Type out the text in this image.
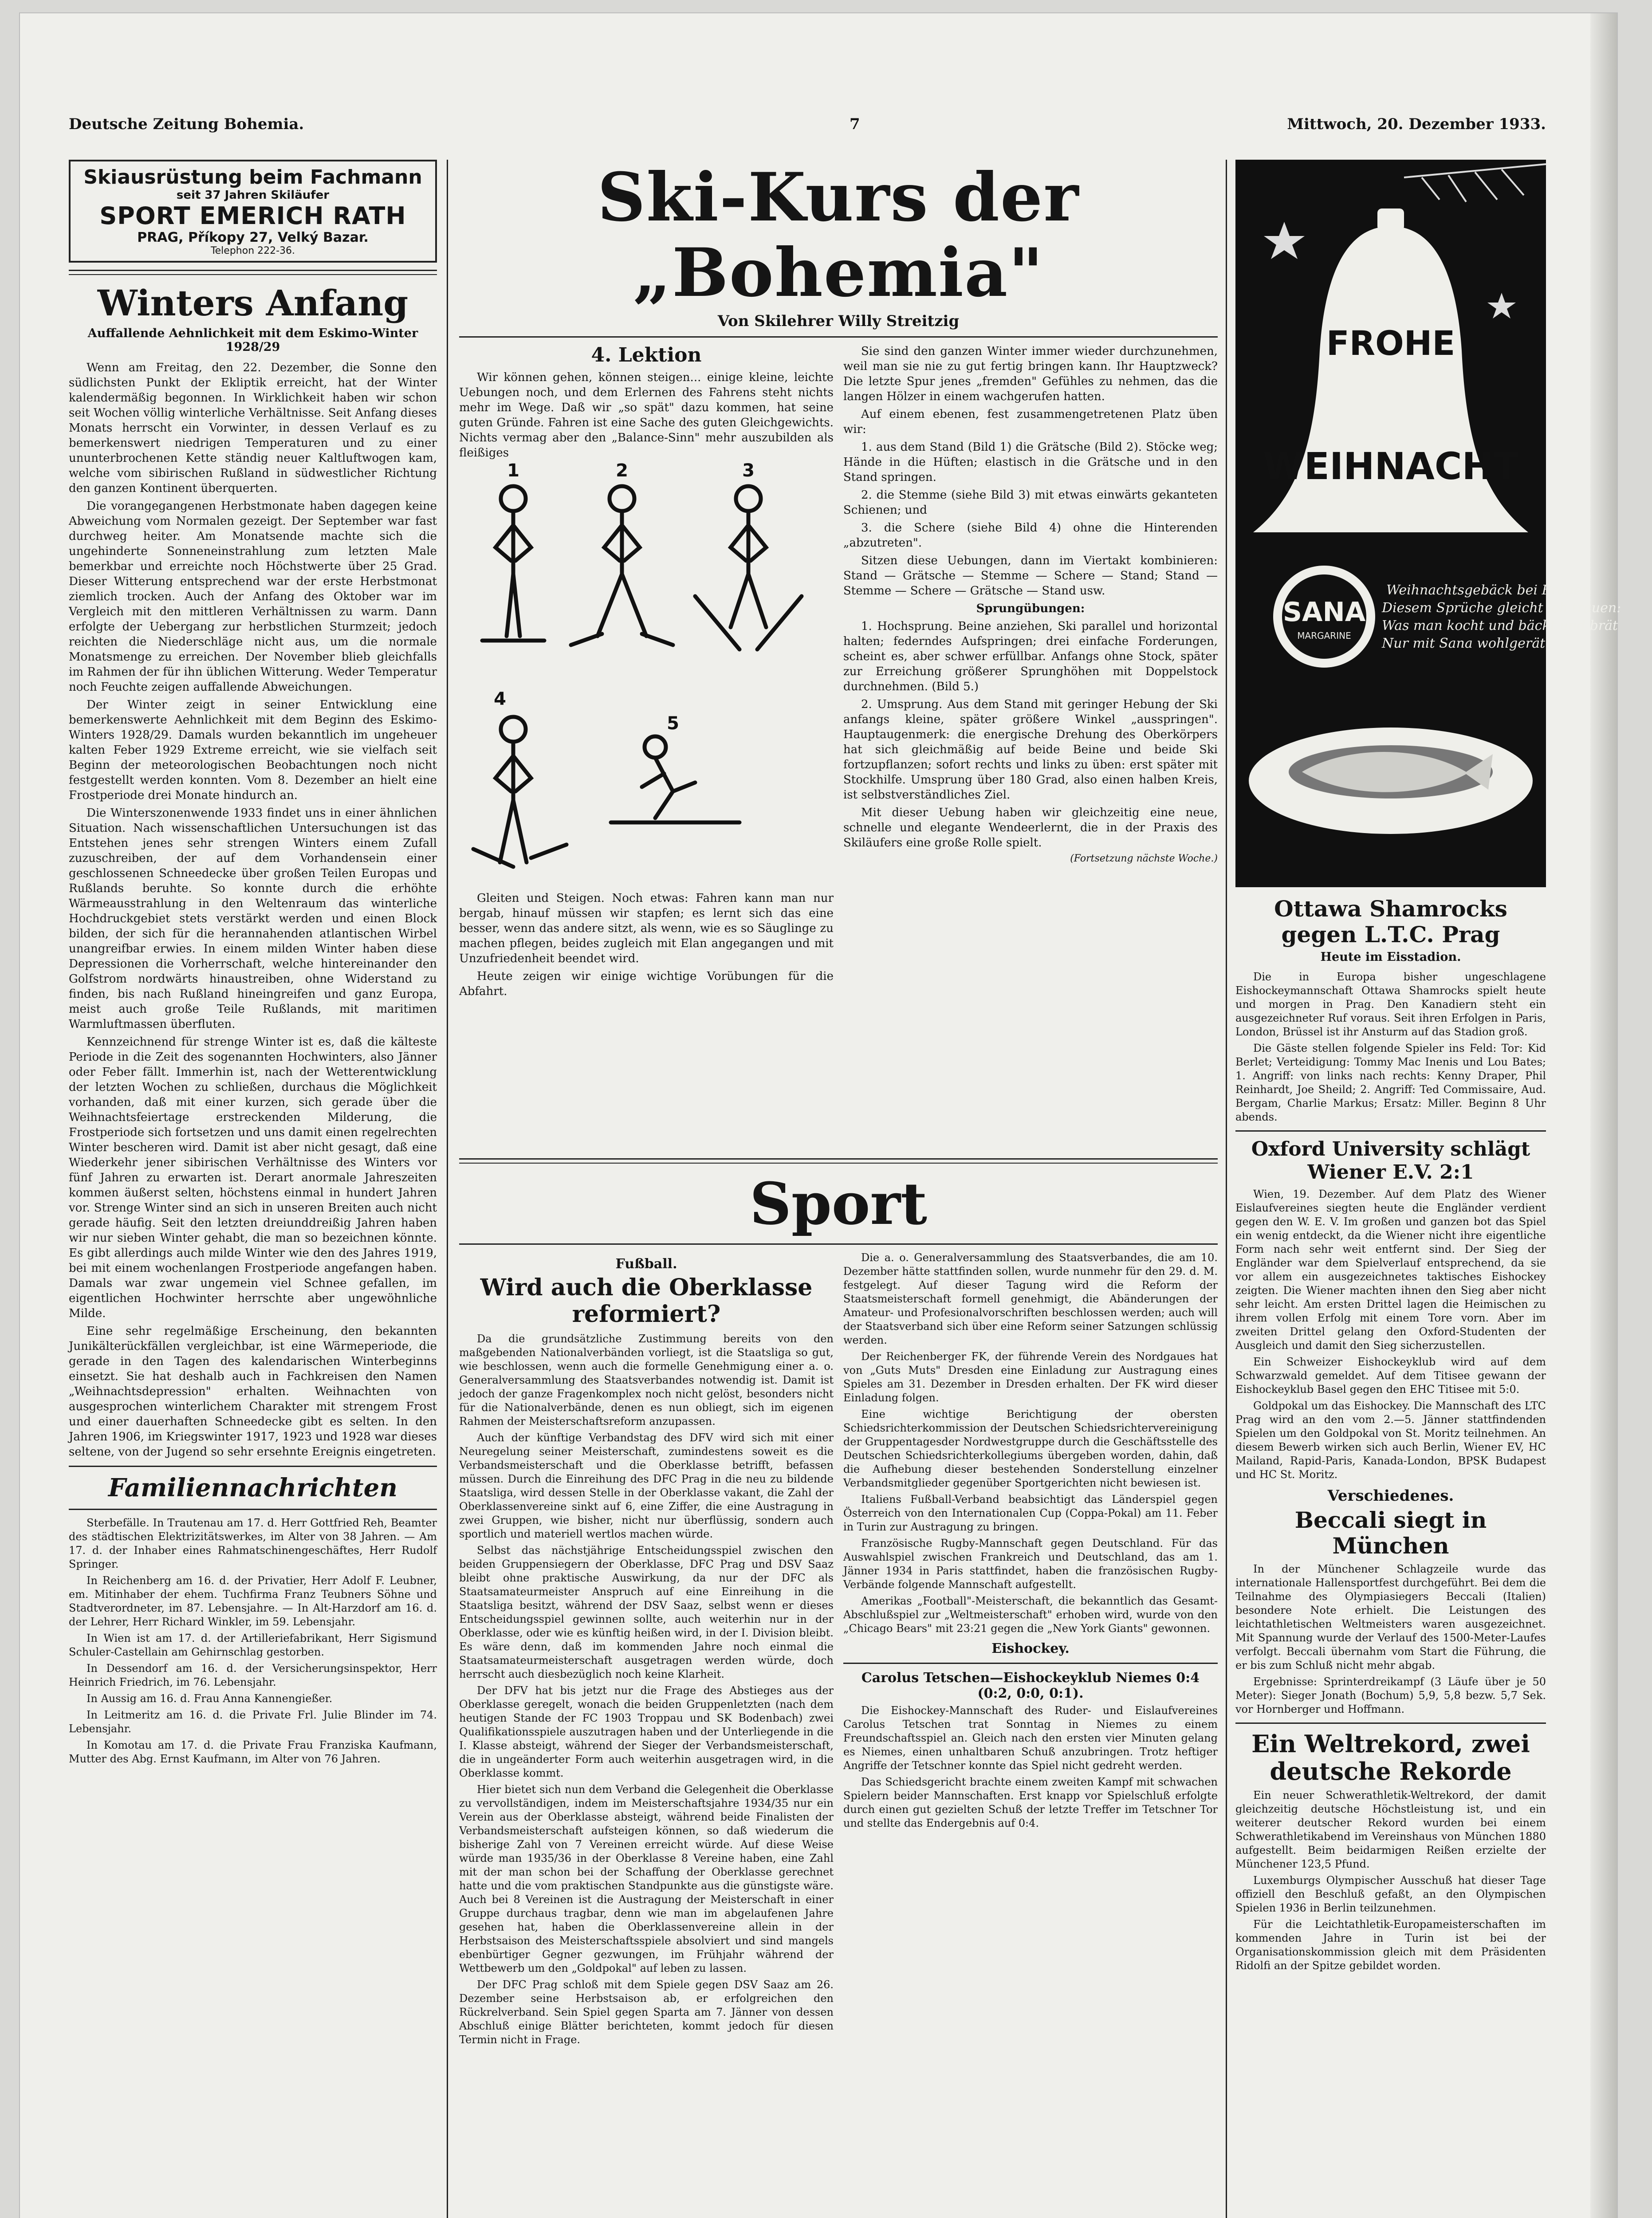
Deutsche Zeitung Bohemia.	7	Mittwoch, 20. Dezember 1933.
Skiausrüstung beim Fachmann
seit 37 Jahren Skiläufer
SPORT EMERICH RATH
PRAG, Příkopy 27, Velký Bazar.
Telephon 222-36.
Winters Anfang
Auffallende Aehnlichkeit mit dem Eskimo-Winter 1928/29

Wenn am Freitag, den 22. Dezember, die Sonne den südlichsten Punkt der Ekliptik erreicht, hat der Winter kalendermäßig begonnen. In Wirklichkeit haben wir schon seit Wochen völlig winterliche Verhältnisse. Seit Anfang dieses Monats herrscht ein Vorwinter, in dessen Verlauf es zu bemerkenswert niedrigen Temperaturen und zu einer ununterbrochenen Kette ständig neuer Kaltluftwogen kam, welche vom sibirischen Rußland in südwestlicher Richtung den ganzen Kontinent überquerten.

Die vorangegangenen Herbstmonate haben dagegen keine Abweichung vom Normalen gezeigt. Der September war fast durchweg heiter. Am Monatsende machte sich die ungehinderte Sonneneinstrahlung zum letzten Male bemerkbar und erreichte noch Höchstwerte über 25 Grad. Dieser Witterung entsprechend war der erste Herbstmonat ziemlich trocken. Auch der Anfang des Oktober war im Vergleich mit den mittleren Verhältnissen zu warm. Dann erfolgte der Uebergang zur herbstlichen Sturmzeit; jedoch reichten die Niederschläge nicht aus, um die normale Monatsmenge zu erreichen. Der November blieb gleichfalls im Rahmen der für ihn üblichen Witterung. Weder Temperatur noch Feuchte zeigen auffallende Abweichungen.

Der Winter zeigt in seiner Entwicklung eine bemerkenswerte Aehnlichkeit mit dem Beginn des Eskimo-Winters 1928/29. Damals wurden bekanntlich im ungeheuer kalten Feber 1929 Extreme erreicht, wie sie vielfach seit Beginn der meteorologischen Beobachtungen noch nicht festgestellt werden konnten. Vom 8. Dezember an hielt eine Frostperiode drei Monate hindurch an.

Die Winterszonenwende 1933 findet uns in einer ähnlichen Situation. Nach wissenschaftlichen Untersuchungen ist das Entstehen jenes sehr strengen Winters einem Zufall zuzuschreiben, der auf dem Vorhandensein einer geschlossenen Schneedecke über großen Teilen Europas und Rußlands beruhte. So konnte durch die erhöhte Wärmeausstrahlung in den Weltenraum das winterliche Hochdruckgebiet stets verstärkt werden und einen Block bilden, der sich für die herannahenden atlantischen Wirbel unangreifbar erwies. In einem milden Winter haben diese Depressionen die Vorherrschaft, welche hintereinander den Golfstrom nordwärts hinaustreiben, ohne Widerstand zu finden, bis nach Rußland hineingreifen und ganz Europa, meist auch große Teile Rußlands, mit maritimen Warmluftmassen überfluten.

Kennzeichnend für strenge Winter ist es, daß die kälteste Periode in die Zeit des sogenannten Hochwinters, also Jänner oder Feber fällt. Immerhin ist, nach der Wetterentwicklung der letzten Wochen zu schließen, durchaus die Möglichkeit vorhanden, daß mit einer kurzen, sich gerade über die Weihnachtsfeiertage erstreckenden Milderung, die Frostperiode sich fortsetzen und uns damit einen regelrechten Winter bescheren wird. Damit ist aber nicht gesagt, daß eine Wiederkehr jener sibirischen Verhältnisse des Winters vor fünf Jahren zu erwarten ist. Derart anormale Jahreszeiten kommen äußerst selten, höchstens einmal in hundert Jahren vor. Strenge Winter sind an sich in unseren Breiten auch nicht gerade häufig. Seit den letzten dreiunddreißig Jahren haben wir nur sieben Winter gehabt, die man so bezeichnen könnte. Es gibt allerdings auch milde Winter wie den des Jahres 1919, bei mit einem wochenlangen Frostperiode angefangen haben. Damals war zwar ungemein viel Schnee gefallen, im eigentlichen Hochwinter herrschte aber ungewöhnliche Milde.

Eine sehr regelmäßige Erscheinung, den bekannten Junikälterückfällen vergleichbar, ist eine Wärmeperiode, die gerade in den Tagen des kalendarischen Winterbeginns einsetzt. Sie hat deshalb auch in Fachkreisen den Namen „Weihnachtsdepression" erhalten. Weihnachten von ausgesprochen winterlichem Charakter mit strengem Frost und einer dauerhaften Schneedecke gibt es selten. In den Jahren 1906, im Kriegswinter 1917, 1923 und 1928 war dieses seltene, von der Jugend so sehr ersehnte Ereignis eingetreten.

Familiennachrichten

Sterbefälle. In Trautenau am 17. d. Herr Gottfried Reh, Beamter des städtischen Elektrizitätswerkes, im Alter von 38 Jahren. — Am 17. d. der Inhaber eines Rahmatschinengeschäftes, Herr Rudolf Springer.

In Reichenberg am 16. d. der Privatier, Herr Adolf F. Leubner, em. Mitinhaber der ehem. Tuchfirma Franz Teubners Söhne und Stadtverordneter, im 87. Lebensjahre. — In Alt-Harzdorf am 16. d. der Lehrer, Herr Richard Winkler, im 59. Lebensjahr.

In Wien ist am 17. d. der Artilleriefabrikant, Herr Sigismund Schuler-Castellain am Gehirnschlag gestorben.

In Dessendorf am 16. d. der Versicherungsinspektor, Herr Heinrich Friedrich, im 76. Lebensjahr.

In Aussig am 16. d. Frau Anna Kannengießer.

In Leitmeritz am 16. d. die Private Frl. Julie Blinder im 74. Lebensjahr.

In Komotau am 17. d. die Private Frau Franziska Kaufmann, Mutter des Abg. Ernst Kaufmann, im Alter von 76 Jahren.

Ski-Kurs der „Bohemia"
Von Skilehrer Willy Streitzig
4. Lektion

Wir können gehen, können steigen... einige kleine, leichte Uebungen noch, und dem Erlernen des Fahrens steht nichts mehr im Wege. Daß wir „so spät" dazu kommen, hat seine guten Gründe. Fahren ist eine Sache des guten Gleichgewichts. Nichts vermag aber den „Balance-Sinn" mehr auszubilden als fleißiges

1	2	3
4
5

Gleiten und Steigen. Noch etwas: Fahren kann man nur bergab, hinauf müssen wir stapfen; es lernt sich das eine besser, wenn das andere sitzt, als wenn, wie es so Säuglinge zu machen pflegen, beides zugleich mit Elan angegangen und mit Unzufriedenheit beendet wird.

Heute zeigen wir einige wichtige Vorübungen für die Abfahrt.

Sie sind den ganzen Winter immer wieder durchzunehmen, weil man sie nie zu gut fertig bringen kann. Ihr Hauptzweck? Die letzte Spur jenes „fremden" Gefühles zu nehmen, das die langen Hölzer in einem wachgerufen hatten.

Auf einem ebenen, fest zusammengetretenen Platz üben wir:

1. aus dem Stand (Bild 1) die Grätsche (Bild 2). Stöcke weg; Hände in die Hüften; elastisch in die Grätsche und in den Stand springen.

2. die Stemme (siehe Bild 3) mit etwas einwärts gekanteten Schienen; und

3. die Schere (siehe Bild 4) ohne die Hinterenden „abzutreten".

Sitzen diese Uebungen, dann im Viertakt kombinieren: Stand — Grätsche — Stemme — Schere — Stand; Stand — Stemme — Schere — Grätsche — Stand usw.

Sprungübungen:

1. Hochsprung. Beine anziehen, Ski parallel und horizontal halten; federndes Aufspringen; drei einfache Forderungen, scheint es, aber schwer erfüllbar. Anfangs ohne Stock, später zur Erreichung größerer Sprunghöhen mit Doppelstock durchnehmen. (Bild 5.)

2. Umsprung. Aus dem Stand mit geringer Hebung der Ski anfangs kleine, später größere Winkel „ausspringen". Hauptaugenmerk: die energische Drehung des Oberkörpers hat sich gleichmäßig auf beide Beine und beide Ski fortzupflanzen; sofort rechts und links zu üben: erst später mit Stockhilfe. Umsprung über 180 Grad, also einen halben Kreis, ist selbstverständliches Ziel.

Mit dieser Uebung haben wir gleichzeitig eine neue, schnelle und elegante Wendeerlernt, die in der Praxis des Skiläufers eine große Rolle spielt.

(Fortsetzung nächste Woche.)
Sport
Fußball.
Wird auch die Oberklasse reformiert?

Da die grundsätzliche Zustimmung bereits von den maßgebenden Nationalverbänden vorliegt, ist die Staatsliga so gut, wie beschlossen, wenn auch die formelle Genehmigung einer a. o. Generalversammlung des Staatsverbandes notwendig ist. Damit ist jedoch der ganze Fragenkomplex noch nicht gelöst, besonders nicht für die Nationalverbände, denen es nun obliegt, sich im eigenen Rahmen der Meisterschaftsreform anzupassen.

Auch der künftige Verbandstag des DFV wird sich mit einer Neuregelung seiner Meisterschaft, zumindestens soweit es die Verbandsmeisterschaft und die Oberklasse betrifft, befassen müssen. Durch die Einreihung des DFC Prag in die neu zu bildende Staatsliga, wird dessen Stelle in der Oberklasse vakant, die Zahl der Oberklassenvereine sinkt auf 6, eine Ziffer, die eine Austragung in zwei Gruppen, wie bisher, nicht nur überflüssig, sondern auch sportlich und materiell wertlos machen würde.

Selbst das nächstjährige Entscheidungsspiel zwischen den beiden Gruppensiegern der Oberklasse, DFC Prag und DSV Saaz bleibt ohne praktische Auswirkung, da nur der DFC als Staatsamateurmeister Anspruch auf eine Einreihung in die Staatsliga besitzt, während der DSV Saaz, selbst wenn er dieses Entscheidungsspiel gewinnen sollte, auch weiterhin nur in der Oberklasse, oder wie es künftig heißen wird, in der I. Division bleibt. Es wäre denn, daß im kommenden Jahre noch einmal die Staatsamateurmeisterschaft ausgetragen werden würde, doch herrscht auch diesbezüglich noch keine Klarheit.

Der DFV hat bis jetzt nur die Frage des Abstieges aus der Oberklasse geregelt, wonach die beiden Gruppenletzten (nach dem heutigen Stande der FC 1903 Troppau und SK Bodenbach) zwei Qualifikationsspiele auszutragen haben und der Unterliegende in die I. Klasse absteigt, während der Sieger der Verbandsmeisterschaft, die in ungeänderter Form auch weiterhin ausgetragen wird, in die Oberklasse kommt.

Hier bietet sich nun dem Verband die Gelegenheit die Oberklasse zu vervollständigen, indem im Meisterschaftsjahre 1934/35 nur ein Verein aus der Oberklasse absteigt, während beide Finalisten der Verbandsmeisterschaft aufsteigen können, so daß wiederum die bisherige Zahl von 7 Vereinen erreicht würde. Auf diese Weise würde man 1935/36 in der Oberklasse 8 Vereine haben, eine Zahl mit der man schon bei der Schaffung der Oberklasse gerechnet hatte und die vom praktischen Standpunkte aus die günstigste wäre. Auch bei 8 Vereinen ist die Austragung der Meisterschaft in einer Gruppe durchaus tragbar, denn wie man im abgelaufenen Jahre gesehen hat, haben die Oberklassenvereine allein in der Herbstsaison des Meisterschaftsspiele absolviert und sind mangels ebenbürtiger Gegner gezwungen, im Frühjahr während der Wettbewerb um den „Goldpokal" auf leben zu lassen.

Der DFC Prag schloß mit dem Spiele gegen DSV Saaz am 26. Dezember seine Herbstsaison ab, er erfolgreichen den Rückrelverband. Sein Spiel gegen Sparta am 7. Jänner von dessen Abschluß einige Blätter berichteten, kommt jedoch für diesen Termin nicht in Frage.

Die a. o. Generalversammlung des Staatsverbandes, die am 10. Dezember hätte stattfinden sollen, wurde nunmehr für den 29. d. M. festgelegt. Auf dieser Tagung wird die Reform der Staatsmeisterschaft formell genehmigt, die Abänderungen der Amateur- und Profesionalvorschriften beschlossen werden; auch will der Staatsverband sich über eine Reform seiner Satzungen schlüssig werden.

Der Reichenberger FK, der führende Verein des Nordgaues hat von „Guts Muts" Dresden eine Einladung zur Austragung eines Spieles am 31. Dezember in Dresden erhalten. Der FK wird dieser Einladung folgen.

Eine wichtige Berichtigung der obersten Schiedsrichterkommission der Deutschen Schiedsrichtervereinigung der Gruppentagesder Nordwestgruppe durch die Geschäftsstelle des Deutschen Schiedsrichterkollegiums übergeben worden, dahin, daß die Aufhebung dieser bestehenden Sonderstellung einzelner Verbandsmitglieder gegenüber Sportgerichten nicht bewiesen ist.

Italiens Fußball-Verband beabsichtigt das Länderspiel gegen Österreich von den Internationalen Cup (Coppa-Pokal) am 11. Feber in Turin zur Austragung zu bringen.

Französische Rugby-Mannschaft gegen Deutschland. Für das Auswahlspiel zwischen Frankreich und Deutschland, das am 1. Jänner 1934 in Paris stattfindet, haben die französischen Rugby-Verbände folgende Mannschaft aufgestellt.

Amerikas „Football"-Meisterschaft, die bekanntlich das Gesamt-Abschlußspiel zur „Weltmeisterschaft" erhoben wird, wurde von den „Chicago Bears" mit 23:21 gegen die „New York Giants" gewonnen.

Eishockey.
Carolus Tetschen—Eishockeyklub Niemes 0:4
(0:2, 0:0, 0:1).

Die Eishockey-Mannschaft des Ruder- und Eislaufvereines Carolus Tetschen trat Sonntag in Niemes zu einem Freundschaftsspiel an. Gleich nach den ersten vier Minuten gelang es Niemes, einen unhaltbaren Schuß anzubringen. Trotz heftiger Angriffe der Tetschner konnte das Spiel nicht gedreht werden.

Das Schiedsgericht brachte einem zweiten Kampf mit schwachen Spielern beider Mannschaften. Erst knapp vor Spielschluß erfolgte durch einen gut gezielten Schuß der letzte Treffer im Tetschner Tor und stellte das Endergebnis auf 0:4.

FROHE
WEIHNACHT
SANA
MARGARINE
Weihnachtsgebäck bei Frauen
Diesem Sprüche gleicht ich trauen:
Was man kocht und bäckt und brät
Nur mit Sana wohlgerät.
Ottawa Shamrocks gegen L.T.C. Prag
Heute im Eisstadion.

Die in Europa bisher ungeschlagene Eishockeymannschaft Ottawa Shamrocks spielt heute und morgen in Prag. Den Kanadiern steht ein ausgezeichneter Ruf voraus. Seit ihren Erfolgen in Paris, London, Brüssel ist ihr Ansturm auf das Stadion groß.

Die Gäste stellen folgende Spieler ins Feld: Tor: Kid Berlet; Verteidigung: Tommy Mac Inenis und Lou Bates; 1. Angriff: von links nach rechts: Kenny Draper, Phil Reinhardt, Joe Sheild; 2. Angriff: Ted Commissaire, Aud. Bergam, Charlie Markus; Ersatz: Miller. Beginn 8 Uhr abends.

Oxford University schlägt Wiener E.V. 2:1

Wien, 19. Dezember. Auf dem Platz des Wiener Eislaufvereines siegten heute die Engländer verdient gegen den W. E. V. Im großen und ganzen bot das Spiel ein wenig entdeckt, da die Wiener nicht ihre eigentliche Form nach sehr weit entfernt sind. Der Sieg der Engländer war dem Spielverlauf entsprechend, da sie vor allem ein ausgezeichnetes taktisches Eishockey zeigten. Die Wiener machten ihnen den Sieg aber nicht sehr leicht. Am ersten Drittel lagen die Heimischen zu ihrem vollen Erfolg mit einem Tore vorn. Aber im zweiten Drittel gelang den Oxford-Studenten der Ausgleich und damit den Sieg sicherzustellen.

Ein Schweizer Eishockeyklub wird auf dem Schwarzwald gemeldet. Auf dem Titisee gewann der Eishockeyklub Basel gegen den EHC Titisee mit 5:0.

Goldpokal um das Eishockey. Die Mannschaft des LTC Prag wird an den vom 2.—5. Jänner stattfindenden Spielen um den Goldpokal von St. Moritz teilnehmen. An diesem Bewerb wirken sich auch Berlin, Wiener EV, HC Mailand, Rapid-Paris, Kanada-London, BPSK Budapest und HC St. Moritz.

Verschiedenes.
Beccali siegt in München

In der Münchener Schlagzeile wurde das internationale Hallensportfest durchgeführt. Bei dem die Teilnahme des Olympiasiegers Beccali (Italien) besondere Note erhielt. Die Leistungen des leichtathletischen Weltmeisters waren ausgezeichnet. Mit Spannung wurde der Verlauf des 1500-Meter-Laufes verfolgt. Beccali übernahm vom Start die Führung, die er bis zum Schluß nicht mehr abgab.

Ergebnisse: Sprinterdreikampf (3 Läufe über je 50 Meter): Sieger Jonath (Bochum) 5,9, 5,8 bezw. 5,7 Sek. vor Hornberger und Hoffmann.

Ein Weltrekord, zwei deutsche Rekorde

Ein neuer Schwerathletik-Weltrekord, der damit gleichzeitig deutsche Höchstleistung ist, und ein weiterer deutscher Rekord wurden bei einem Schwerathletikabend im Vereinshaus von München 1880 aufgestellt. Beim beidarmigen Reißen erzielte der Münchener 123,5 Pfund.

Luxemburgs Olympischer Ausschuß hat dieser Tage offiziell den Beschluß gefaßt, an den Olympischen Spielen 1936 in Berlin teilzunehmen.

Für die Leichtathletik-Europameisterschaften im kommenden Jahre in Turin ist bei der Organisationskommission gleich mit dem Präsidenten Ridolfi an der Spitze gebildet worden.
